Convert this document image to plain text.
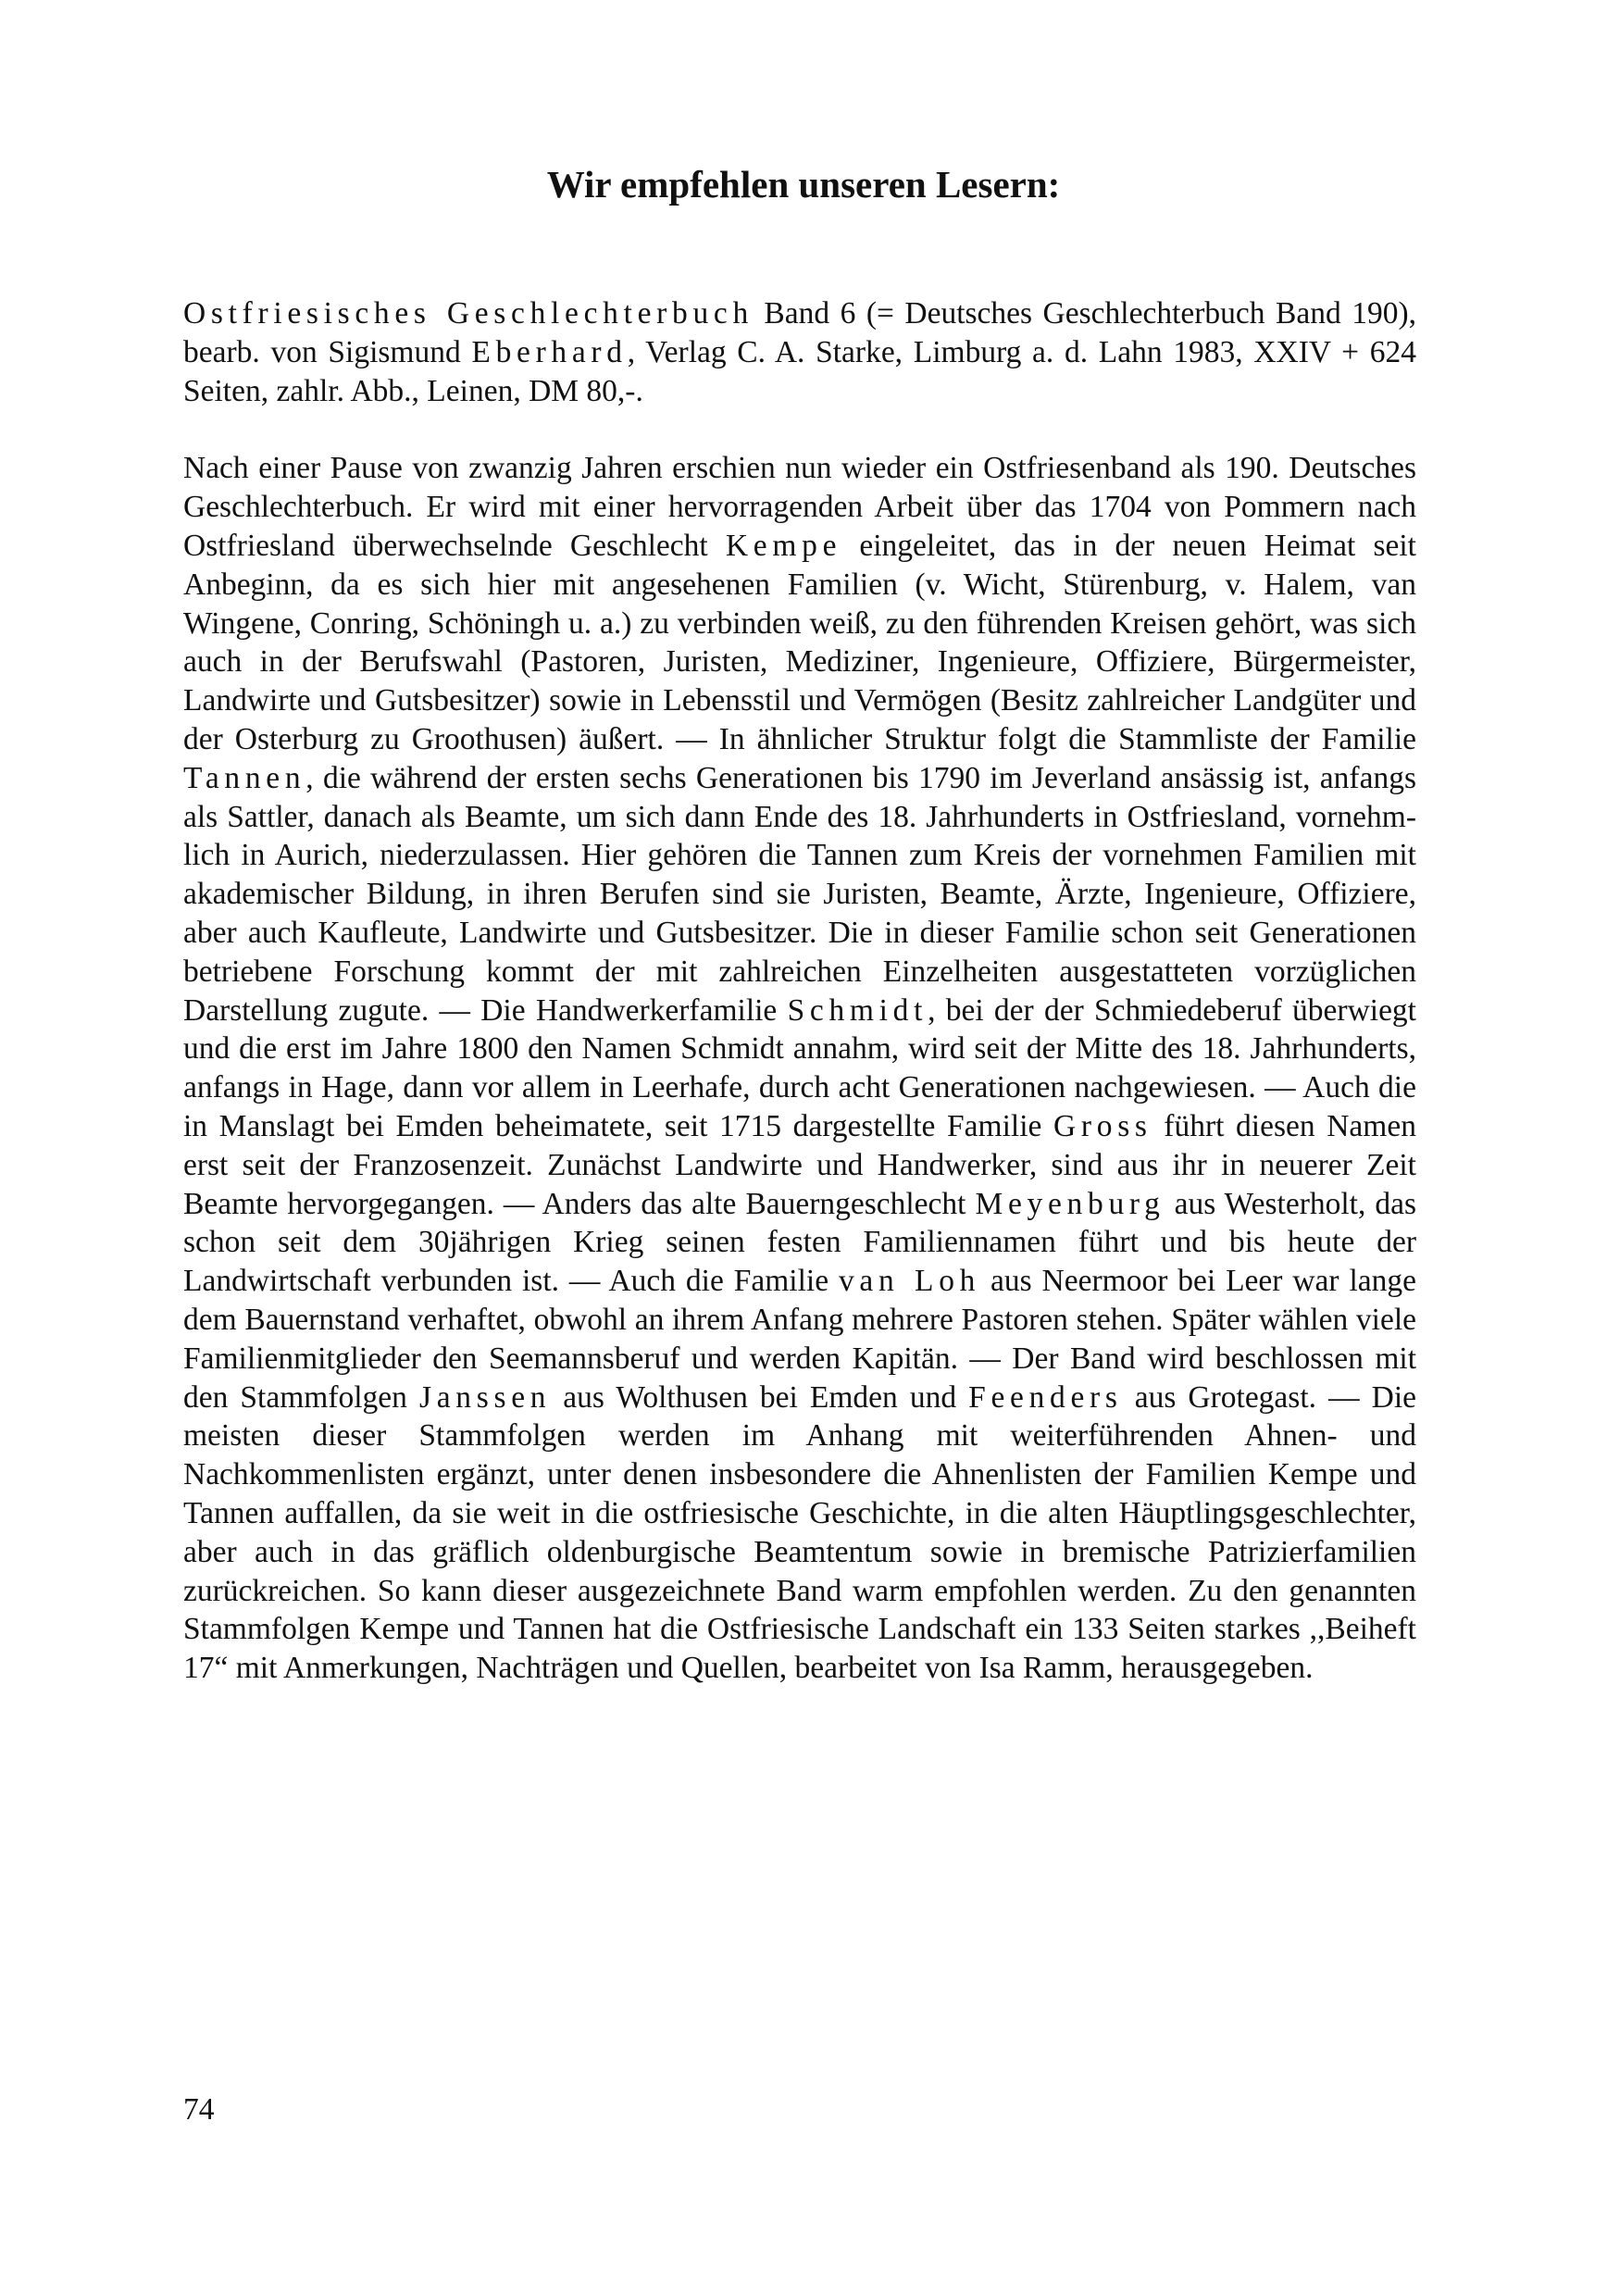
Wir empfehlen unseren Lesern:

Ostfriesisches Geschlechterbuch Band 6 (= Deutsches Geschlechterbuch Band 190), bearb. von Sigismund Eberhard, Verlag C. A. Starke, Limburg a. d. Lahn 1983, XXIV + 624 Seiten, zahlr. Abb., Leinen, DM 80,-.

Nach einer Pause von zwanzig Jahren erschien nun wieder ein Ostfriesenband als 190. Deutsches Geschlechterbuch. Er wird mit einer hervorragenden Arbeit über das 1704 von Pommern nach Ostfriesland überwechselnde Geschlecht Kempe eingeleitet, das in der neuen Heimat seit Anbeginn, da es sich hier mit angesehenen Familien (v. Wicht, Stürenburg, v. Halem, van Wingene, Conring, Schöningh u. a.) zu verbinden weiß, zu den führenden Kreisen gehört, was sich auch in der Berufswahl (Pastoren, Juristen, Mediziner, Ingenieure, Offiziere, Bürgermeister, Landwirte und Gutsbesitzer) sowie in Lebensstil und Vermögen (Besitz zahlreicher Landgüter und der Osterburg zu Groothusen) äußert. — In ähnlicher Struktur folgt die Stammliste der Familie Tannen, die während der ersten sechs Generationen bis 1790 im Jeverland ansässig ist, anfangs als Sattler, danach als Beamte, um sich dann Ende des 18. Jahrhunderts in Ostfriesland, vornehmlich in Aurich, niederzulassen. Hier gehören die Tannen zum Kreis der vornehmen Familien mit akademischer Bildung, in ihren Berufen sind sie Juristen, Beamte, Ärzte, Ingenieure, Offiziere, aber auch Kaufleute, Landwirte und Gutsbesitzer. Die in dieser Familie schon seit Generationen betriebene Forschung kommt der mit zahlreichen Einzelheiten ausgestatteten vorzüglichen Darstellung zugute. — Die Handwerkerfamilie Schmidt, bei der der Schmiedeberuf überwiegt und die erst im Jahre 1800 den Namen Schmidt annahm, wird seit der Mitte des 18. Jahrhunderts, anfangs in Hage, dann vor allem in Leerhafe, durch acht Generationen nachgewiesen. — Auch die in Manslagt bei Emden beheimatete, seit 1715 dargestellte Familie Gross führt diesen Namen erst seit der Franzosenzeit. Zunächst Landwirte und Handwerker, sind aus ihr in neuerer Zeit Beamte hervorgegangen. — Anders das alte Bauerngeschlecht Meyenburg aus Westerholt, das schon seit dem 30jährigen Krieg seinen festen Familiennamen führt und bis heute der Landwirtschaft verbunden ist. — Auch die Familie van Loh aus Neermoor bei Leer war lange dem Bauernstand verhaftet, obwohl an ihrem Anfang mehrere Pastoren stehen. Später wählen viele Familienmitglieder den Seemannsberuf und werden Kapitän. — Der Band wird beschlossen mit den Stammfolgen Janssen aus Wolthusen bei Emden und Feenders aus Grotegast. — Die meisten dieser Stammfolgen werden im Anhang mit weiterführenden Ahnen- und Nachkommenlisten ergänzt, unter denen insbesondere die Ahnenlisten der Familien Kempe und Tannen auffallen, da sie weit in die ostfriesische Geschichte, in die alten Häuptlingsgeschlechter, aber auch in das gräflich oldenburgische Beamtentum sowie in bremische Patrizierfamilien zurückreichen. So kann dieser ausgezeichnete Band warm empfohlen werden. Zu den genannten Stammfolgen Kempe und Tannen hat die Ostfriesische Landschaft ein 133 Seiten starkes ,,Beiheft 17“ mit Anmerkungen, Nachträgen und Quellen, bearbeitet von Isa Ramm, herausgegeben.

74
